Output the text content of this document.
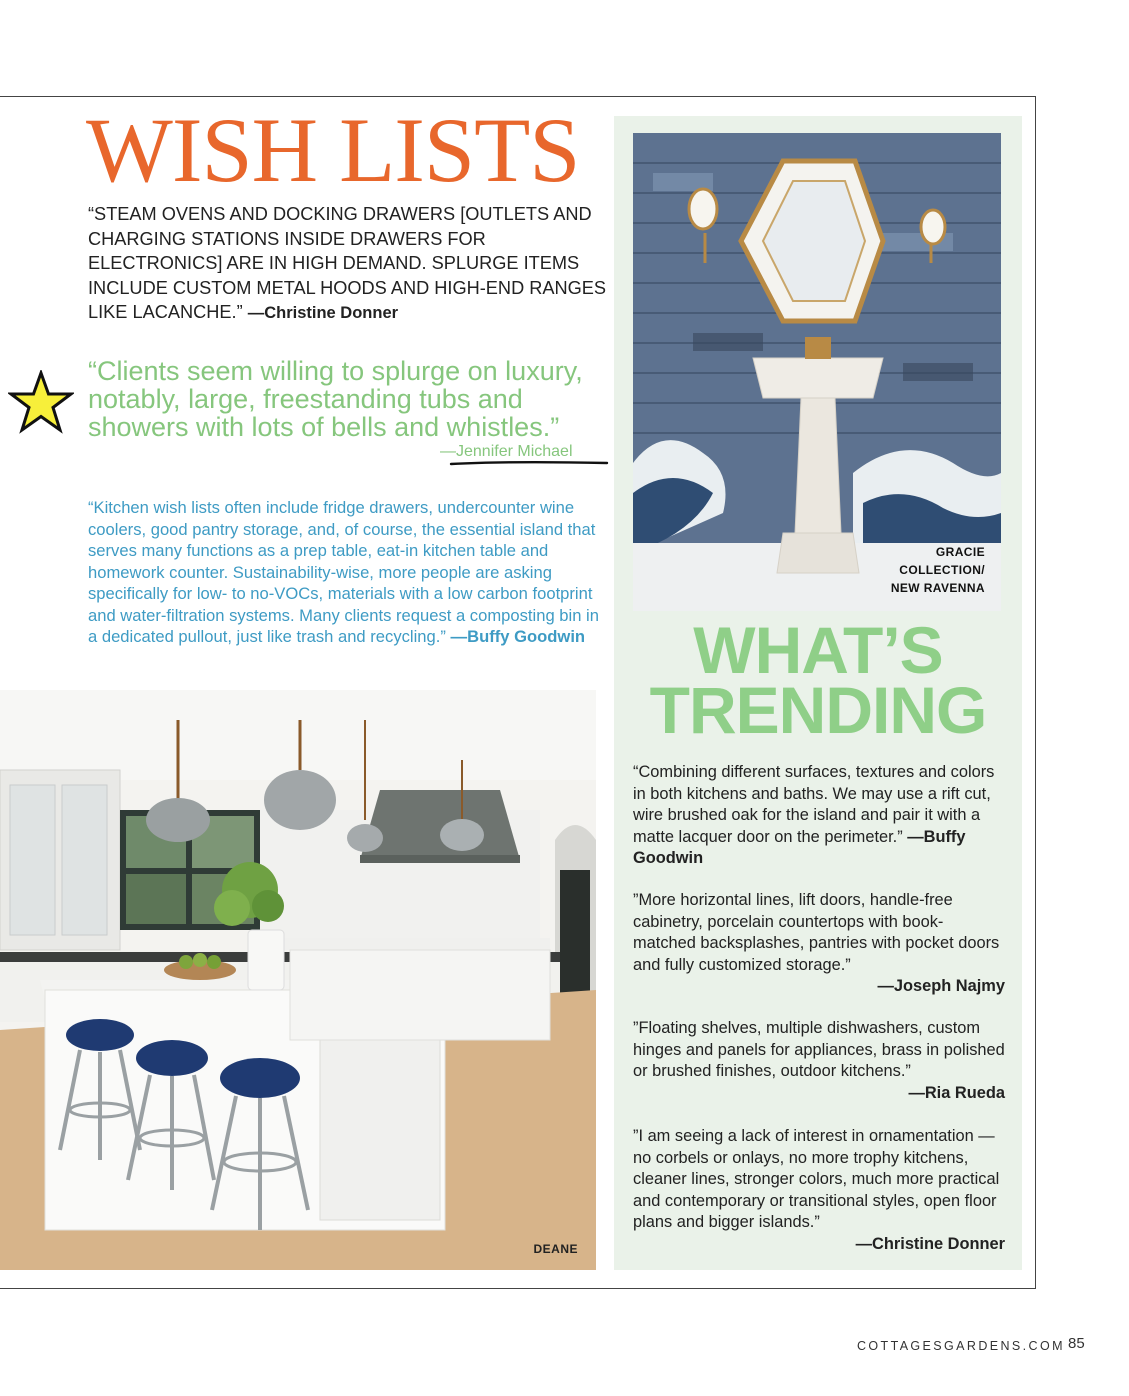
WISH LISTS

“STEAM OVENS AND DOCKING DRAWERS [OUTLETS AND CHARGING STATIONS INSIDE DRAWERS FOR ELECTRONICS] ARE IN HIGH DEMAND. SPLURGE ITEMS INCLUDE CUSTOM METAL HOODS AND HIGH-END RANGES LIKE LACANCHE.” —Christine Donner

“Clients seem willing to splurge on luxury, notably, large, freestanding tubs and showers with lots of bells and whistles.”

—Jennifer Michael

“Kitchen wish lists often include fridge drawers, undercounter wine coolers, good pantry storage, and, of course, the essential island that serves many functions as a prep table, eat-in kitchen table and homework counter. Sustainability-wise, more people are asking specifically for low- to no-VOCs, materials with a low carbon footprint and water-filtration systems. Many clients request a composting bin in a dedicated pullout, just like trash and recycling.” —Buffy Goodwin

DEANE
GRACIE
COLLECTION/
NEW RAVENNA
WHAT’S
TRENDING

“Combining different surfaces, textures and colors in both kitchens and baths. We may use a rift cut, wire brushed oak for the island and pair it with a matte lacquer door on the perimeter.” —Buffy Goodwin

”More horizontal lines, lift doors, handle-free cabinetry, porcelain countertops with book-matched backsplashes, pantries with pocket doors and fully customized storage.”
—Joseph Najmy

”Floating shelves, multiple dishwashers, custom hinges and panels for appliances, brass in polished or brushed finishes, outdoor kitchens.”
—Ria Rueda

”I am seeing a lack of interest in ornamentation —no corbels or onlays, no more trophy kitchens, cleaner lines, stronger colors, much more practical and contemporary or transitional styles, open floor plans and bigger islands.”
—Christine Donner

COTTAGESGARDENS.COM 85
